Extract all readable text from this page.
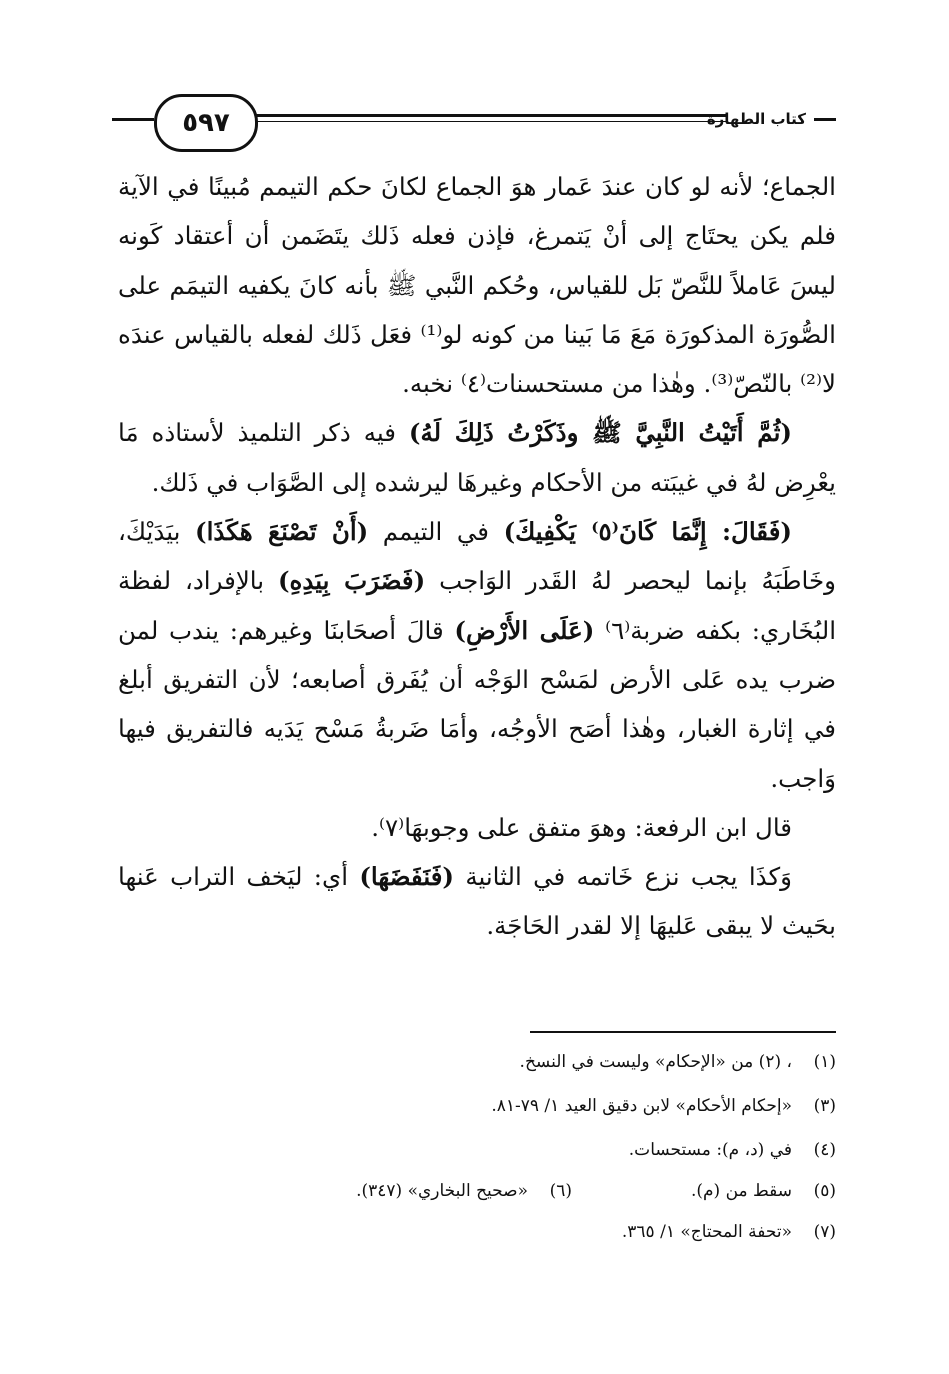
٥٩٧	كتاب الطهارة

الجماع؛ لأنه لو كان عندَ عَمار هوَ الجماع لكانَ حكم التيمم مُبينًا في الآية فلم يكن يحتَاج إلى أنْ يَتمرغ، فإذن فعله ذَلك يتَضَمن أن أعتقاد كَونه ليسَ عَاملاً للنَّصّ بَل للقياس، وحُكم النَّبي ﷺ بأنه كانَ يكفيه التيمَم على الصُّورَة المذكورَة مَعَ مَا بَينا من كونه لو⁽¹⁾ فعَل ذَلك لفعله بالقياس عندَه لا⁽²⁾ بالنّصّ⁽³⁾. وهٰذا من مستحسنات⁽٤⁾ نخبه.

(ثُمَّ أَتَيْتُ النَّبِيَّ ﷺ وذَكَرْتُ ذَلِكَ لَهُ) فيه ذكر التلميذ لأستاذه مَا يعْرِض لهُ في غيبَته من الأحكام وغيرهَا ليرشده إلى الصَّوَاب في ذَلك.

(فَقَالَ: إِنَّمَا كَانَ⁽٥⁾ يَكْفِيكَ) في التيمم (أَنْ تَصْنَعَ هَكَذَا) بيَدَيْكَ، وخَاطَبَهُ بإنما ليحصر لهُ القَدر الوَاجب (فَضَرَبَ بِيَدِهِ) بالإفراد، لفظة البُخَاري: بكفه ضربة⁽٦⁾ (عَلَى الأَرْضِ) قالَ أصحَابنَا وغيرهم: يندب لمن ضرب يده عَلى الأرض لمَسْح الوَجْه أن يُفَرق أصابعه؛ لأن التفريق أبلغ في إثارة الغبار، وهٰذا أصَح الأوجُه، وأمَا ضَربةُ مَسْح يَدَيه فالتفريق فيها وَاجب.

قال ابن الرفعة: وهوَ متفق على وجوبهَا⁽٧⁾.

وَكذَا يجب نزع خَاتمه في الثانية (فَنَفَضَهَا) أي: ليَخف التراب عَنها بحَيث لا يبقى عَليهَا إلا لقدر الحَاجَة.

(١)، (٢) من «الإحكام» وليست في النسخ.
(٣)«إحكام الأحكام» لابن دقيق العيد ١/ ٧٩-٨١.
(٤)في (د، م): مستحسات.
(٥)سقط من (م).(٦)«صحيح البخاري» (٣٤٧).
(٧)«تحفة المحتاج» ١/ ٣٦٥.
